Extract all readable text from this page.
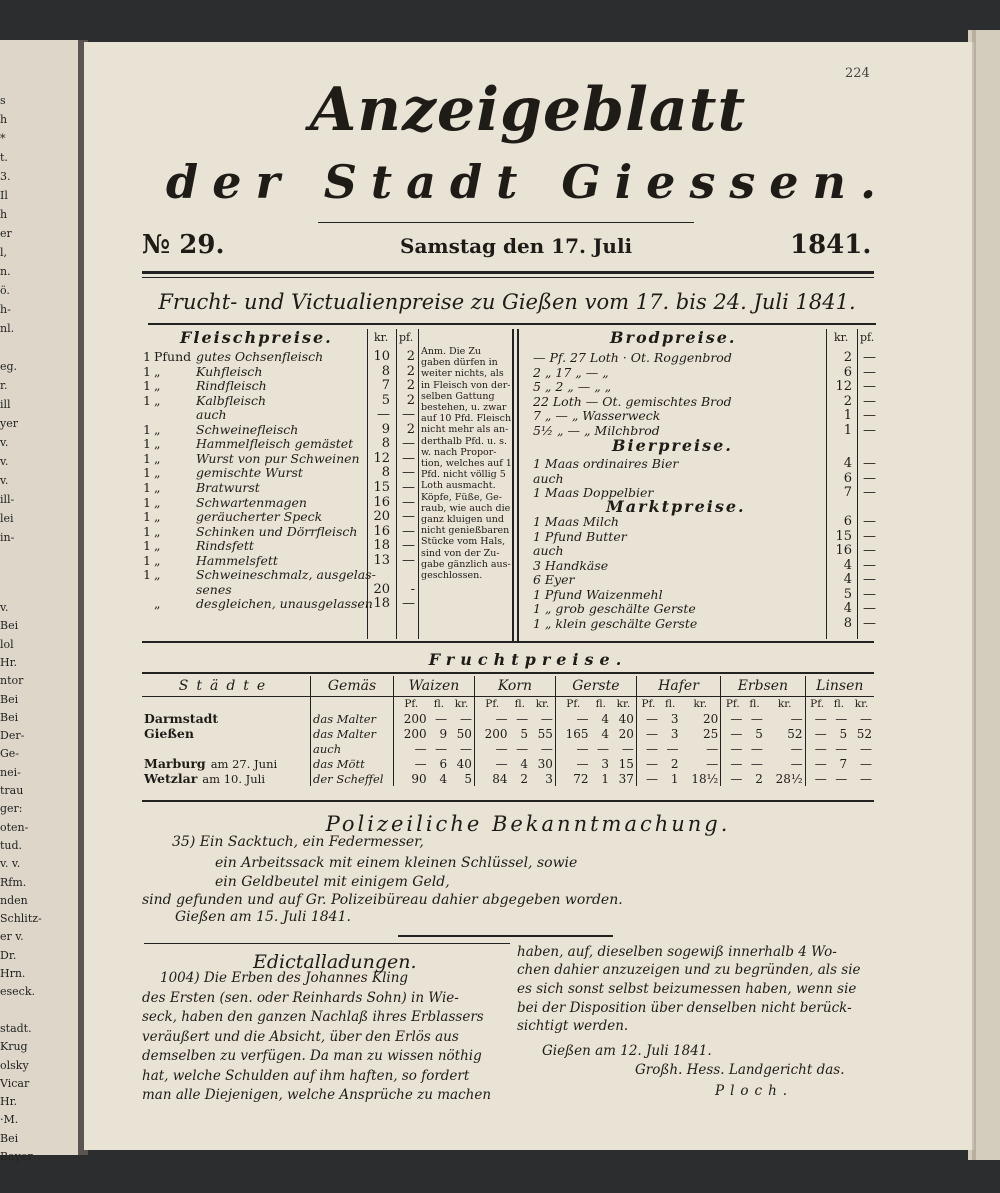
s
h
*
t.
3.
Il
h
er
l,
n.
ö.
h-
nl.
eg.
r.
ill
yer
v.
v.
v.
ill-
lei
in-
v.
Bei
lol
Hr.
ntor
Bei
Bei
Der-
Ge-
nei-
trau
ger:
oten-
tud.
v. v.
Rfm.
nden
Schlitz-
er v.
Dr.
Hrn.
eseck.
stadt.
Krug
olsky
Vicar
Hr.
·M.
Bei
Bayer
224
Anzeigeblatt
der Stadt Giessen.
№ 29.	Samstag den 17. Juli	1841.
Frucht- und Victualienpreise zu Gießen vom 17. bis 24. Juli 1841.
Fleischpreise.	kr. pf.
1 Pfund gutes Ochsenfleisch	10	2
1 „	Kuhfleisch	8	2
1 „	Rindfleisch	7	2
1 „	Kalbfleisch	5	2
auch	— —
1 „	Schweinefleisch	9	2
1 „	Hammelfleisch gemästet	8 —
1 „	Wurst von pur Schweinen 12 —
1 „	gemischte Wurst	8 —
1 „	Bratwurst	15 —
1 „	Schwartenmagen	16 —
1 „	geräucherter Speck	20 —
1 „	Schinken und Dörrfleisch 16 —
1 „	Rindsfett	18 —
1 „	Hammelsfett	13 —
1 „	Schweineschmalz, ausgelas-
senes	20	-
„	desgleichen, unausgelassen 18 —
Anm. Die Zu
gaben dürfen in
weiter nichts, als
in Fleisch von der-
selben Gattung
bestehen, u. zwar
auf 10 Pfd. Fleisch
nicht mehr als an-
derthalb Pfd. u. s.
w. nach Propor-
tion, welches auf 1
Pfd. nicht völlig 5
Loth ausmacht.
Köpfe, Füße, Ge-
raub, wie auch die
ganz kluigen und
nicht genießbaren
Stücke vom Hals,
sind von der Zu-
gabe gänzlich aus-
geschlossen.
Brodpreise.	kr. pf.
— Pf. 27 Loth · Ot. Roggenbrod	2 —
2 „ 17 „ — „	6 —
5 „ 2 „ — „ „	12 —
22 Loth — Ot. gemischtes Brod	2 —
7 „ — „ Wasserweck	1 —
5½ „ — „ Milchbrod	1 —
Bierpreise.
1 Maas ordinaires Bier	4 —
auch	6 —
1 Maas Doppelbier	7 —
Marktpreise.
1 Maas Milch	6 —
1 Pfund Butter	15 —
auch	16 —
3 Handkäse	4 —
6 Eyer	4 —
1 Pfund Waizenmehl	5 —
1 „ grob geschälte Gerste	4 —
1 „ klein geschälte Gerste	8 —
Fruchtpreise.
Städte	Gemäs	Waizen			Korn			Gerste			Hafer			Erbsen			Linsen		
		Pf.	fl.	kr.	Pf.	fl.	kr.	Pf.	fl.	kr.	Pf.	fl.	kr.	Pf.	fl.	kr.	Pf.	fl.	kr.
Darmstadt	das Malter	200	—	—	—	—	—	—	4	40	—	3	20	—	—	—	—	—	—
Gießen	das Malter	200	9	50	200	5	55	165	4	20	—	3	25	—	5	52	—	5	52
	auch	—	—	—	—	—	—	—	—	—	—	—	—	—	—	—	—	—	—
Marburg am 27. Juni	das Mött	—	6	40	—	4	30	—	3	15	—	2	—	—	—	—	—	7	—
Wetzlar am 10. Juli	der Scheffel	90	4	5	84	2	3	72	1	37	—	1	18½	—	2	28½	—	—	—
Polizeiliche Bekanntmachung.
35) Ein Sacktuch, ein Federmesser,
ein Arbeitssack mit einem kleinen Schlüssel, sowie
ein Geldbeutel mit einigem Geld,
sind gefunden und auf Gr. Polizeibüreau dahier abgegeben worden.
Gießen am 15. Juli 1841.
Edictalladungen.
1004) Die Erben des Johannes Kling
des Ersten (sen. oder Reinhards Sohn) in Wie-
seck, haben den ganzen Nachlaß ihres Erblassers
veräußert und die Absicht, über den Erlös aus
demselben zu verfügen. Da man zu wissen nöthig
hat, welche Schulden auf ihm haften, so fordert
man alle Diejenigen, welche Ansprüche zu machen
haben, auf, dieselben sogewiß innerhalb 4 Wo-
chen dahier anzuzeigen und zu begründen, als sie
es sich sonst selbst beizumessen haben, wenn sie
bei der Disposition über denselben nicht berück-
sichtigt werden.
Gießen am 12. Juli 1841.
Großh. Hess. Landgericht das.
Ploch.
